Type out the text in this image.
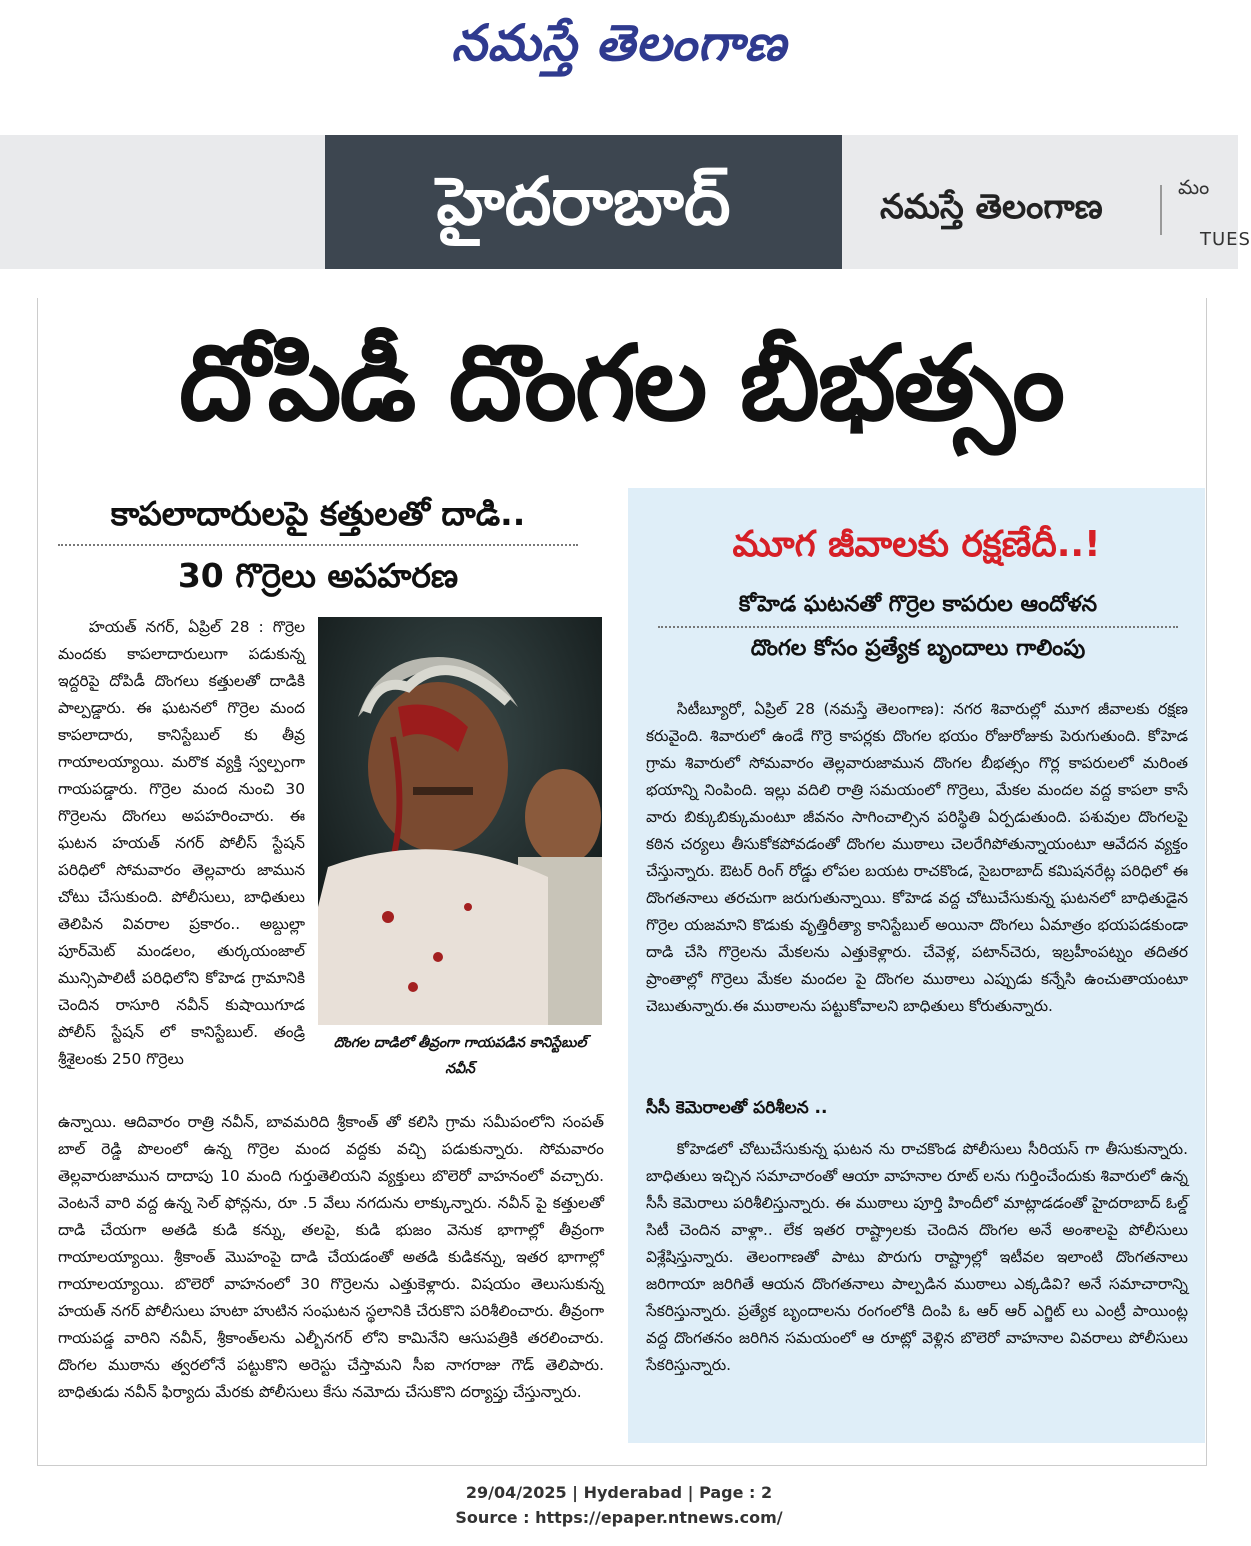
నమస్తే తెలంగాణ
హైదరాబాద్	నమస్తే తెలంగాణ	మం
TUES
దోపిడీ దొంగల బీభత్సం
కాపలాదారులపై కత్తులతో దాడి..
30 గొర్రెలు అపహరణ

హయత్‌ నగర్‌, ఏప్రిల్‌ 28 : గొర్రెల మందకు కాపలాదారులుగా పడుకున్న ఇద్దరిపై దోపిడీ దొంగలు కత్తులతో దాడికి పాల్పడ్డారు. ఈ ఘటనలో గొర్రెల మంద కాపలాదారు, కానిస్టేబుల్‌ కు తీవ్ర గాయాలయ్యాయి. మరొక వ్యక్తి స్వల్పంగా గాయపడ్డారు. గొర్రెల మంద నుంచి 30 గొర్రెలను దొంగలు అపహరించారు. ఈ ఘటన హయత్‌ నగర్‌ పోలీస్‌ స్టేషన్‌ పరిధిలో సోమవారం తెల్లవారు జామున చోటు చేసుకుంది. పోలీసులు, బాధితులు తెలిపిన వివరాల ప్రకారం.. అబ్దుల్లా పూర్‌మెట్‌ మండలం, తుర్కయంజాల్‌ మున్సిపాలిటీ పరిధిలోని కోహెడ గ్రామానికి చెందిన రాసూరి నవీన్‌ కుషాయిగూడ పోలీస్‌ స్టేషన్‌ లో కానిస్టేబుల్‌. తండ్రి శ్రీశైలంకు 250 గొర్రెలు

దొంగల దాడిలో తీవ్రంగా గాయపడిన కానిస్టేబుల్‌ నవీన్‌

ఉన్నాయి. ఆదివారం రాత్రి నవీన్‌, బావమరిది శ్రీకాంత్‌ తో కలిసి గ్రామ సమీపంలోని సంపత్‌ బాల్‌ రెడ్డి పొలంలో ఉన్న గొర్రెల మంద వద్దకు వచ్చి పడుకున్నారు. సోమవారం తెల్లవారుజామున దాదాపు 10 మంది గుర్తుతెలియని వ్యక్తులు బొలెరో వాహనంలో వచ్చారు. వెంటనే వారి వద్ద ఉన్న సెల్‌ ఫోన్లను, రూ .5 వేలు నగదును లాక్కున్నారు. నవీన్‌ పై కత్తులతో దాడి చేయగా అతడి కుడి కన్ను, తలపై, కుడి భుజం వెనుక భాగాల్లో తీవ్రంగా గాయాలయ్యాయి. శ్రీకాంత్‌ మొహంపై దాడి చేయడంతో అతడి కుడికన్ను, ఇతర భాగాల్లో గాయాలయ్యాయి. బొలెరో వాహనంలో 30 గొర్రెలను ఎత్తుకెళ్లారు. విషయం తెలుసుకున్న హయత్‌ నగర్‌ పోలీసులు హుటా హుటిన సంఘటన స్థలానికి చేరుకొని పరిశీలించారు. తీవ్రంగా గాయపడ్డ వారిని నవీన్‌, శ్రీకాంత్‌లను ఎల్బీనగర్‌ లోని కామినేని ఆసుపత్రికి తరలించారు. దొంగల ముఠాను త్వరలోనే పట్టుకొని అరెస్టు చేస్తామని సీఐ నాగరాజు గౌడ్‌ తెలిపారు. బాధితుడు నవీన్‌ ఫిర్యాదు మేరకు పోలీసులు కేసు నమోదు చేసుకొని దర్యాప్తు చేస్తున్నారు.

మూగ జీవాలకు రక్షణేదీ..!
కోహెడ ఘటనతో గొర్రెల కాపరుల ఆందోళన
దొంగల కోసం ప్రత్యేక బృందాలు గాలింపు

సిటీబ్యూరో, ఏప్రిల్‌ 28 (నమస్తే తెలంగాణ): నగర శివారుల్లో మూగ జీవాలకు రక్షణ కరువైంది. శివారులో ఉండే గొర్రె కాపర్లకు దొంగల భయం రోజురోజుకు పెరుగుతుంది. కోహెడ గ్రామ శివారులో సోమవారం తెల్లవారుజామున దొంగల బీభత్సం గొర్ల కాపరులలో మరింత భయాన్ని నింపింది. ఇల్లు వదిలి రాత్రి సమయంలో గొర్రెలు, మేకల మందల వద్ద కాపలా కాసే వారు బిక్కుబిక్కుమంటూ జీవనం సాగించాల్సిన పరిస్థితి ఏర్పడుతుంది. పశువుల దొంగలపై కఠిన చర్యలు తీసుకోకపోవడంతో దొంగల ముఠాలు చెలరేగిపోతున్నాయంటూ ఆవేదన వ్యక్తం చేస్తున్నారు. ఔటర్‌ రింగ్‌ రోడ్డు లోపల బయట రాచకొండ, సైబరాబాద్‌ కమిషనరేట్ల పరిధిలో ఈ దొంగతనాలు తరచుగా జరుగుతున్నాయి. కోహెడ వద్ద చోటుచేసుకున్న ఘటనలో బాధితుడైన గొర్రెల యజమాని కొడుకు వృత్తిరీత్యా కానిస్టేబుల్‌ అయినా దొంగలు ఏమాత్రం భయపడకుండా దాడి చేసి గొర్రెలను మేకలను ఎత్తుకెళ్లారు. చేవెళ్ల, పటాన్‌చెరు, ఇబ్రహీంపట్నం తదితర ప్రాంతాల్లో గొర్రెలు మేకల మందల పై దొంగల ముఠాలు ఎప్పుడు కన్నేసి ఉంచుతాయంటూ చెబుతున్నారు.ఈ ముఠాలను పట్టుకోవాలని బాధితులు కోరుతున్నారు.

సీసీ కెమెరాలతో పరిశీలన ..

కోహెడలో చోటుచేసుకున్న ఘటన ను రాచకొండ పోలీసులు సీరియస్‌ గా తీసుకున్నారు. బాధితులు ఇచ్చిన సమాచారంతో ఆయా వాహనాల రూట్‌ లను గుర్తించేందుకు శివారులో ఉన్న సీసీ కెమెరాలు పరిశీలిస్తున్నారు. ఈ ముఠాలు పూర్తి హిందీలో మాట్లాడడంతో హైదరాబాద్‌ ఓల్డ్‌ సిటీ చెందిన వాళ్లా.. లేక ఇతర రాష్ట్రాలకు చెందిన దొంగల అనే అంశాలపై పోలీసులు విశ్లేషిస్తున్నారు. తెలంగాణతో పాటు పొరుగు రాష్ట్రాల్లో ఇటీవల ఇలాంటి దొంగతనాలు జరిగాయా జరిగితే ఆయన దొంగతనాలు పాల్పడిన ముఠాలు ఎక్కడివి? అనే సమాచారాన్ని సేకరిస్తున్నారు. ప్రత్యేక బృందాలను రంగంలోకి దింపి ఓ ఆర్‌ ఆర్‌ ఎగ్జిట్‌ లు ఎంట్రీ పాయింట్ల వద్ద దొంగతనం జరిగిన సమయంలో ఆ రూట్లో వెళ్లిన బొలెరో వాహనాల వివరాలు పోలీసులు సేకరిస్తున్నారు.

29/04/2025 | Hyderabad | Page : 2
Source : https://epaper.ntnews.com/
